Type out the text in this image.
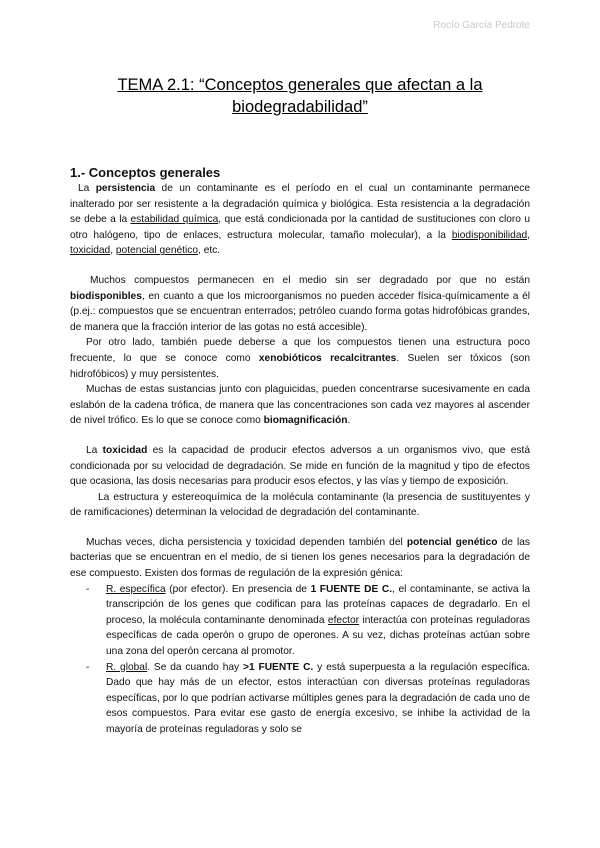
Rocío García Pedrote
TEMA 2.1: “Conceptos generales que afectan a la biodegradabilidad”
1.- Conceptos generales

La persistencia de un contaminante es el período en el cual un contaminante permanece inalterado por ser resistente a la degradación química y biológica. Esta resistencia a la degradación se debe a la estabilidad química, que está condicionada por la cantidad de sustituciones con cloro u otro halógeno, tipo de enlaces, estructura molecular, tamaño molecular), a la biodisponibilidad, toxicidad, potencial genético, etc.

Muchos compuestos permanecen en el medio sin ser degradado por que no están biodisponibles, en cuanto a que los microorganismos no pueden acceder física-químicamente a él (p.ej.: compuestos que se encuentran enterrados; petróleo cuando forma gotas hidrofóbicas grandes, de manera que la fracción interior de las gotas no está accesible).

Por otro lado, también puede deberse a que los compuestos tienen una estructura poco frecuente, lo que se conoce como xenobióticos recalcitrantes. Suelen ser tóxicos (son hidrofóbicos) y muy persistentes.

Muchas de estas sustancias junto con plaguicidas, pueden concentrarse sucesivamente en cada eslabón de la cadena trófica, de manera que las concentraciones son cada vez mayores al ascender de nivel trófico. Es lo que se conoce como biomagnificación.

La toxicidad es la capacidad de producir efectos adversos a un organismos vivo, que está condicionada por su velocidad de degradación. Se mide en función de la magnitud y tipo de efectos que ocasiona, las dosis necesarias para producir esos efectos, y las vías y tiempo de exposición.

La estructura y estereoquímica de la molécula contaminante (la presencia de sustituyentes y de ramificaciones) determinan la velocidad de degradación del contaminante.

Muchas veces, dicha persistencia y toxicidad dependen también del potencial genético de las bacterias que se encuentran en el medio, de si tienen los genes necesarios para la degradación de ese compuesto. Existen dos formas de regulación de la expresión génica:

- R. específica (por efector). En presencia de 1 FUENTE DE C., el contaminante, se activa la transcripción de los genes que codifican para las proteínas capaces de degradarlo. En el proceso, la molécula contaminante denominada efector interactúa con proteínas reguladoras específicas de cada operón o grupo de operones. A su vez, dichas proteínas actúan sobre una zona del operón cercana al promotor.

- R. global. Se da cuando hay >1 FUENTE C. y está superpuesta a la regulación específica. Dado que hay más de un efector, estos interactúan con diversas proteínas reguladoras específicas, por lo que podrían activarse múltiples genes para la degradación de cada uno de esos compuestos. Para evitar ese gasto de energía excesivo, se inhibe la actividad de la mayoría de proteínas reguladoras y solo se
